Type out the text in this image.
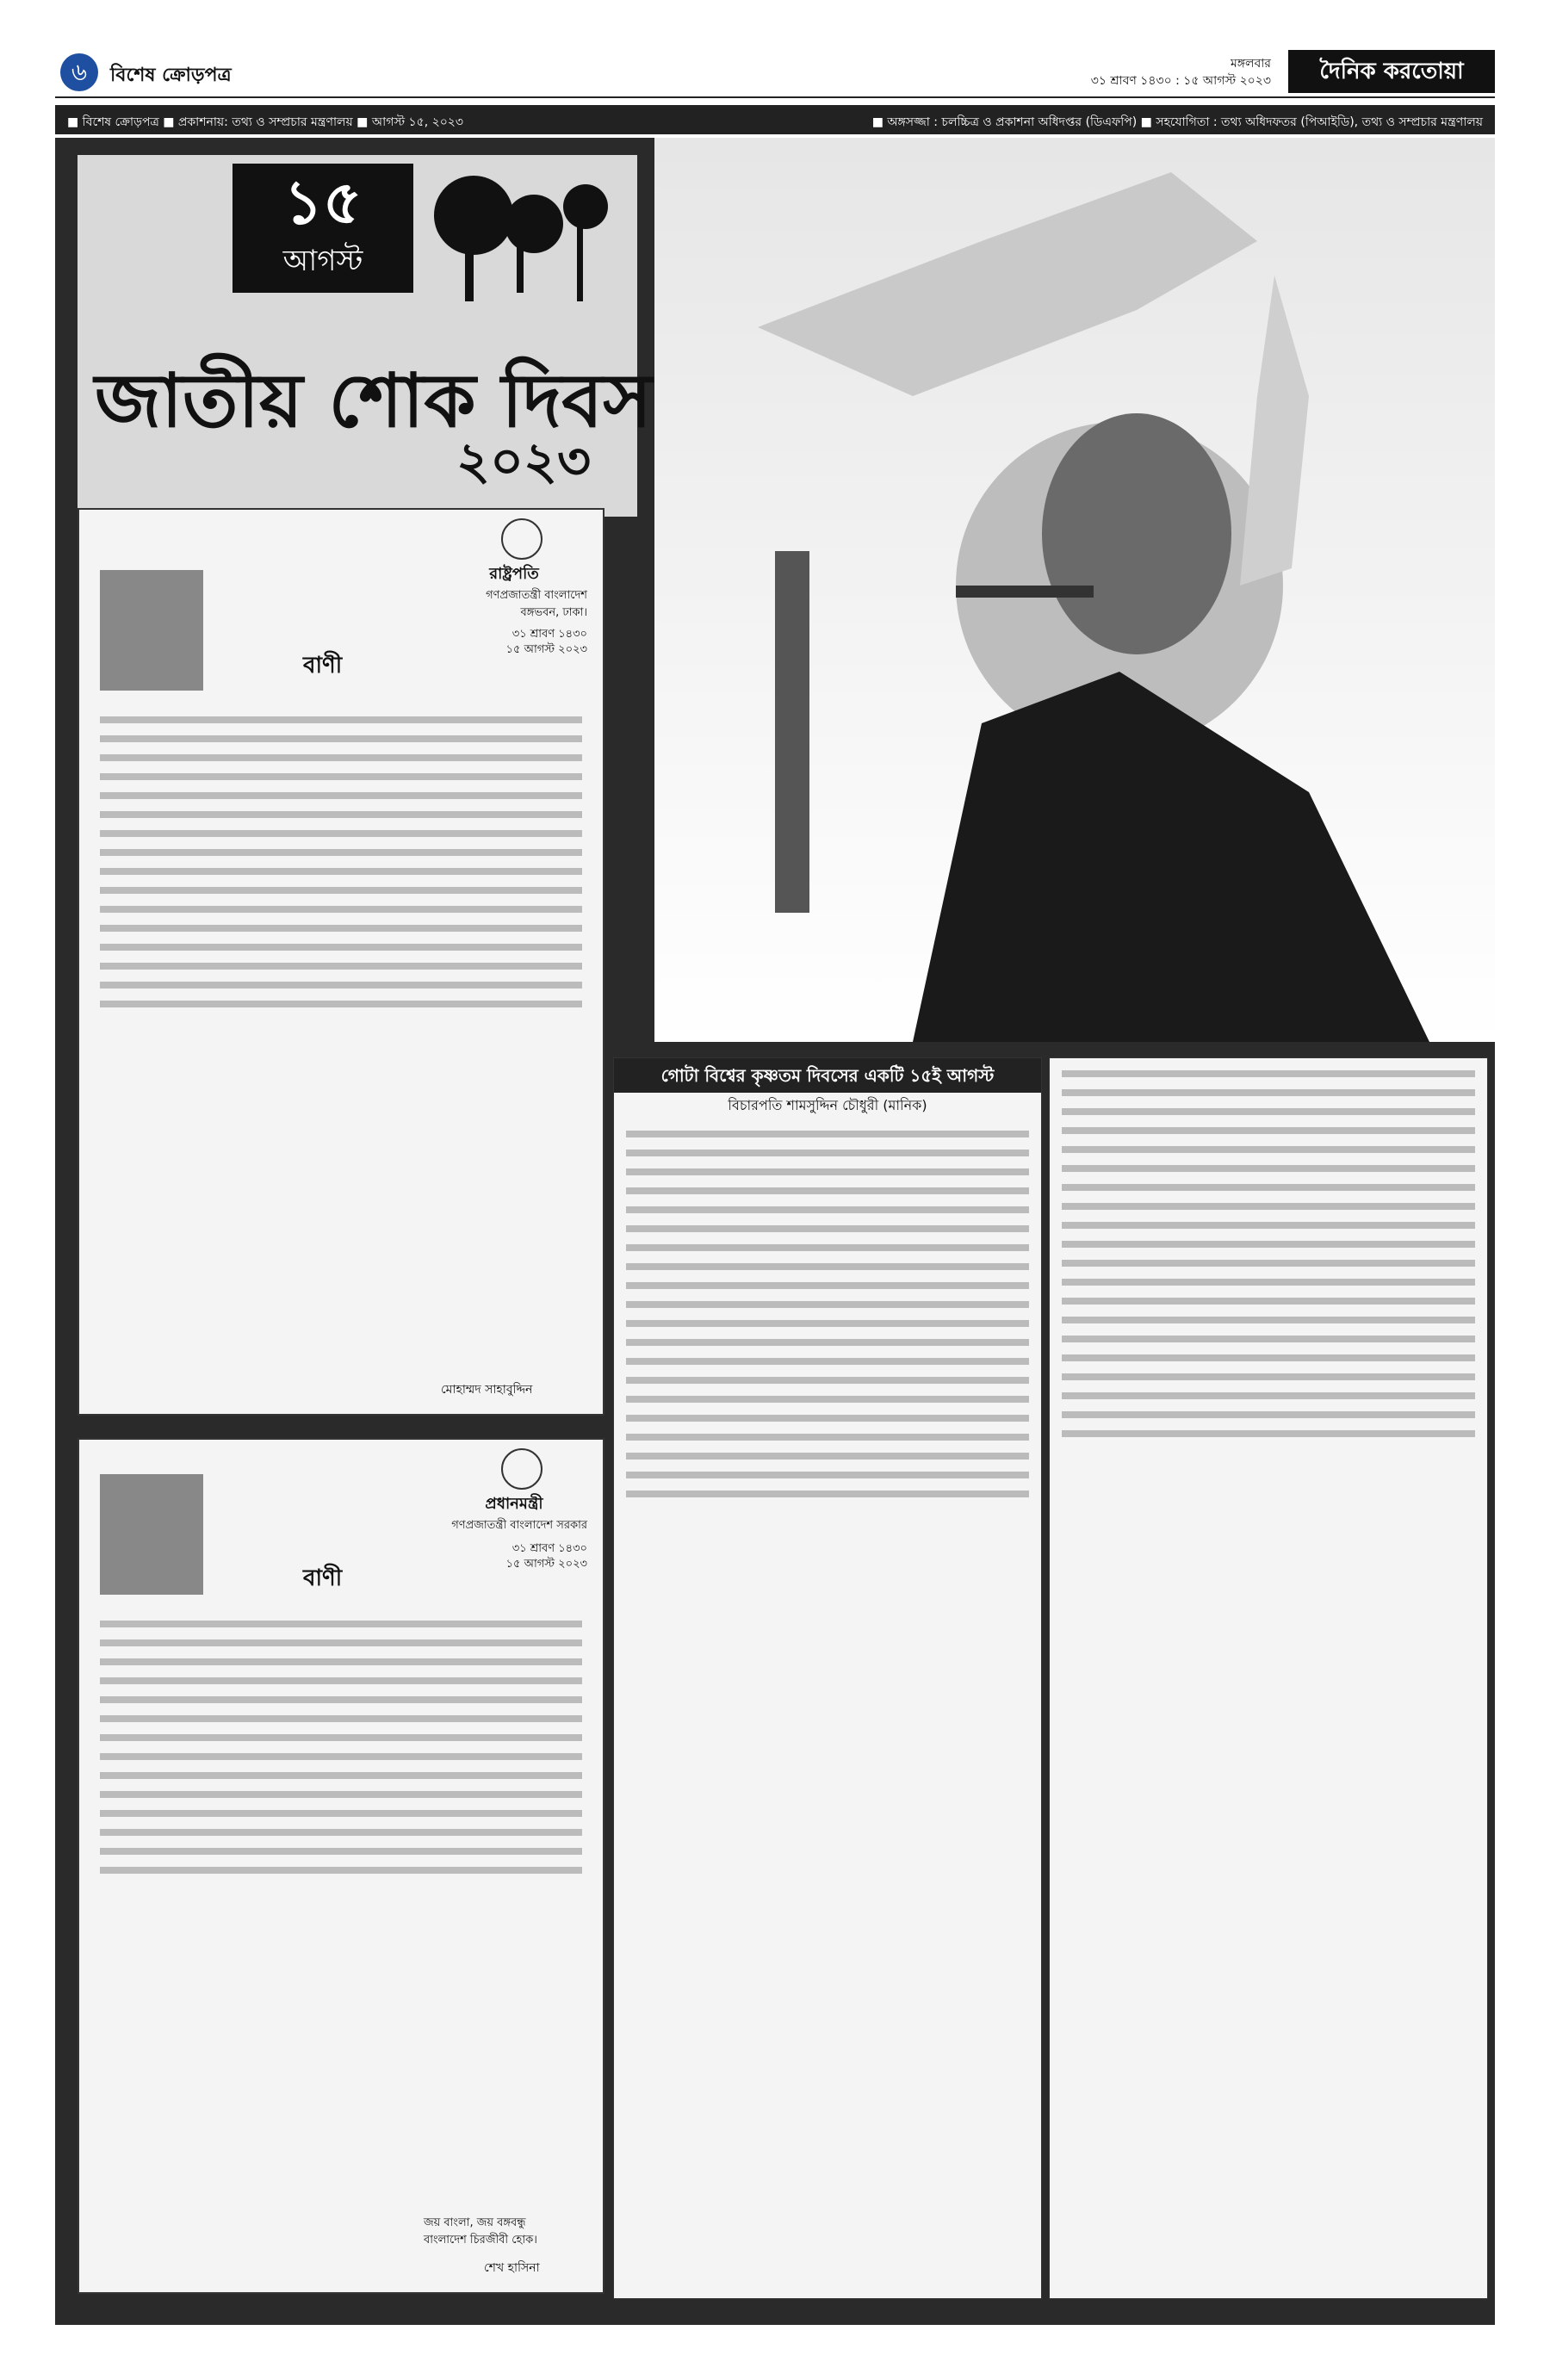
৬	বিশেষ ক্রোড়পত্র
মঙ্গলবার
৩১ শ্রাবণ ১৪৩০ : ১৫ আগস্ট ২০২৩	দৈনিক করতোয়া
■ বিশেষ ক্রোড়পত্র ■ প্রকাশনায়: তথ্য ও সম্প্রচার মন্ত্রণালয় ■ আগস্ট ১৫, ২০২৩	■ অঙ্গসজ্জা : চলচ্চিত্র ও প্রকাশনা অধিদপ্তর (ডিএফপি) ■ সহযোগিতা : তথ্য অধিদফতর (পিআইডি), তথ্য ও সম্প্রচার মন্ত্রণালয়
১৫
আগস্ট
জাতীয় শোক দিবস
২০২৩
রাষ্ট্রপতি
গণপ্রজাতন্ত্রী বাংলাদেশ
বঙ্গভবন, ঢাকা।
৩১ শ্রাবণ ১৪৩০
১৫ আগস্ট ২০২৩
বাণী
মোহাম্মদ সাহাবুদ্দিন
প্রধানমন্ত্রী
গণপ্রজাতন্ত্রী বাংলাদেশ সরকার
৩১ শ্রাবণ ১৪৩০
১৫ আগস্ট ২০২৩
বাণী
জয় বাংলা, জয় বঙ্গবন্ধু
বাংলাদেশ চিরজীবী হোক।
শেখ হাসিনা
গোটা বিশ্বের কৃষ্ণতম দিবসের একটি ১৫ই আগস্ট
বিচারপতি শামসুদ্দিন চৌধুরী (মানিক)
